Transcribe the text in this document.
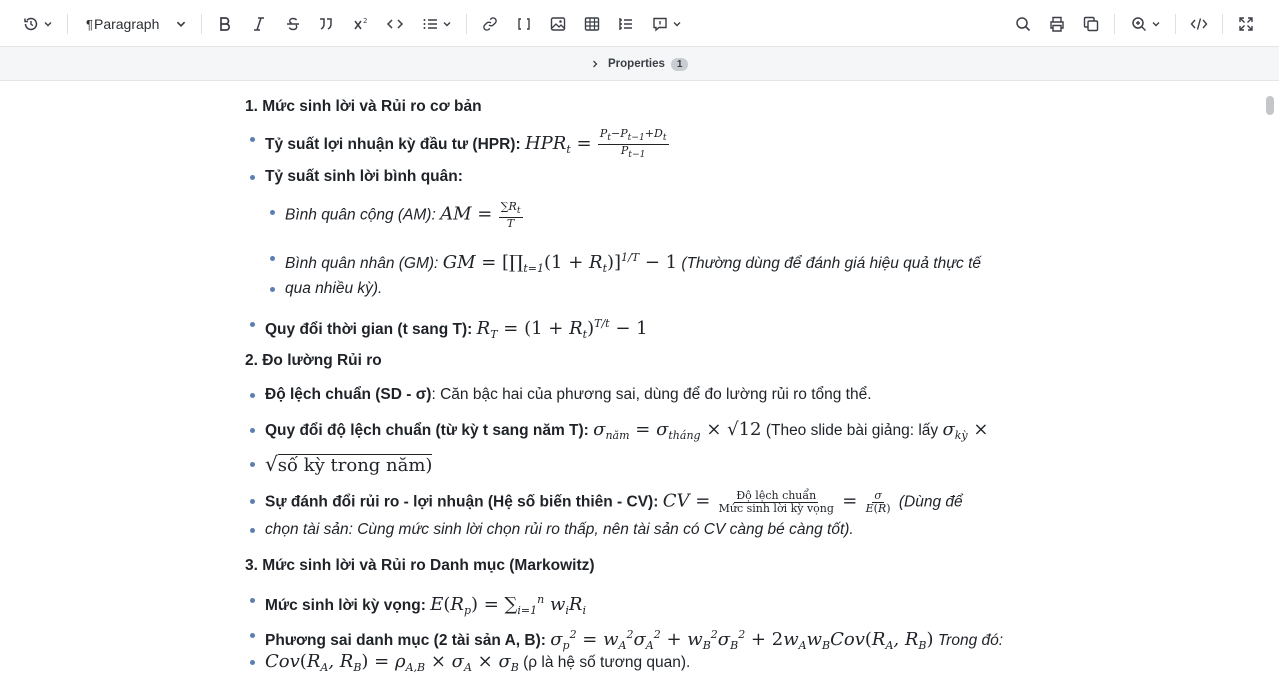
¶ Paragraph	2
Properties	1
1. Mức sinh lời và Rủi ro cơ bản
Tỷ suất lợi nhuận kỳ đầu tư (HPR): $HPR_t = \frac{P_t-P_{t-1}+D_t}{P_{t-1}}$
Tỷ suất sinh lời bình quân:
Bình quân cộng (AM): AM = $\frac{\sum R_t}{T}$
Bình quân nhân (GM): GM = $[\prod_{t=1}(1 + R_t)]^{1/T} - 1$ (Thường dùng để đánh giá hiệu quả thực tế
qua nhiều kỳ).
Quy đổi thời gian (t sang T): $R_T = (1 + R_t)^{T/t} - 1$
2. Đo lường Rủi ro
Độ lệch chuẩn (SD - σ): Căn bậc hai của phương sai, dùng để đo lường rủi ro tổng thể.
Quy đổi độ lệch chuẩn (từ kỳ t sang năm T): $\sigma_{năm} = \sigma_{tháng} \times √12$ (Theo slide bài giảng: lấy $\sigma_{kỳ}$ ×
√số kỳ trong năm)
Sự đánh đổi rủi ro - lợi nhuận (Hệ số biến thiên - CV): CV = $\frac{\text{Độ lệch chuẩn}}{\text{Mức sinh lời kỳ vọng}} = \frac{\sigma}{E(R)}$ (Dùng để
chọn tài sản: Cùng mức sinh lời chọn rủi ro thấp, nên tài sản có CV càng bé càng tốt).
3. Mức sinh lời và Rủi ro Danh mục (Markowitz)
Mức sinh lời kỳ vọng: $E(R_p) = \sum_{i=1}^n$ $w_iR_i$
Phương sai danh mục (2 tài sản A, B): $\sigma_p^2 = w_A^2\sigma_A^2 + w_B^2\sigma_B^2 + 2w_Aw_BCov(R_A$, $R_B$) Trong đó:
$Cov(R_A$, $R_B) = \rho_{A,B} \times \sigma_A \times \sigma_B$ (ρ là hệ số tương quan).
